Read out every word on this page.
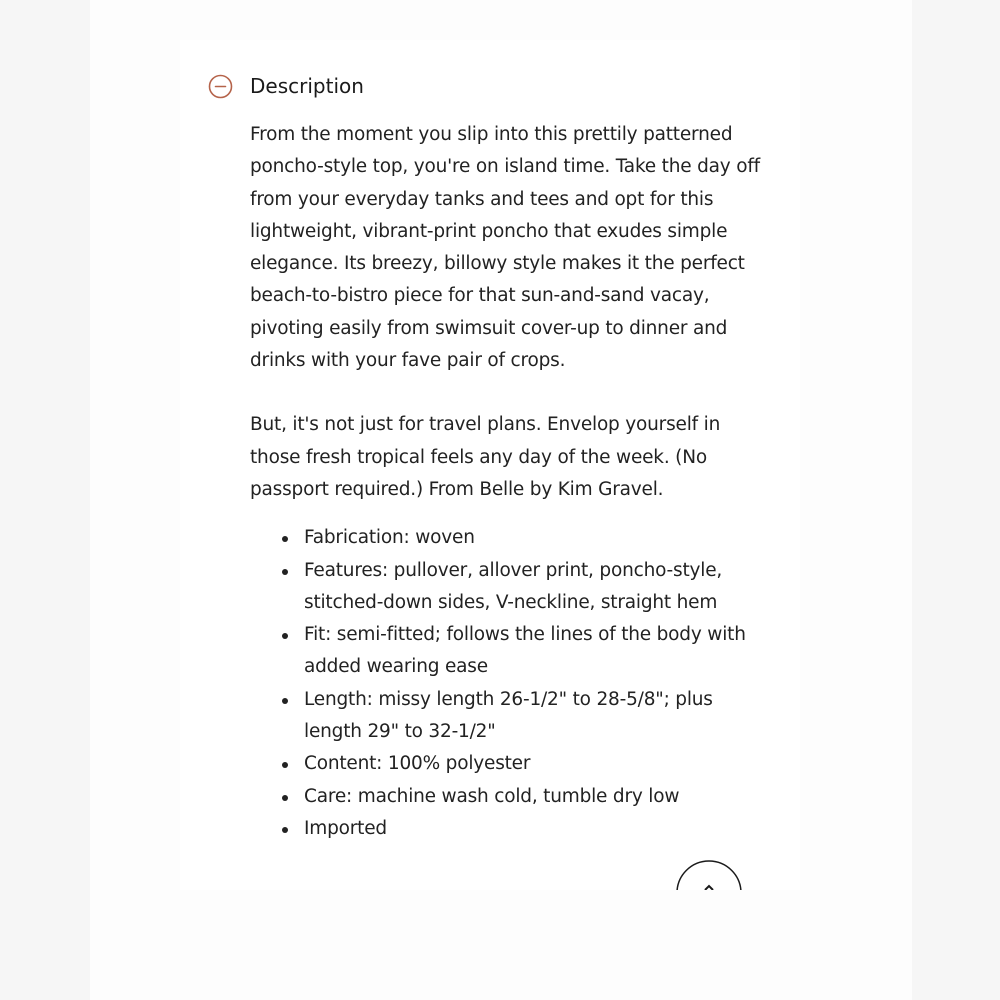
Description

From the moment you slip into this prettily patterned poncho-style top, you're on island time. Take the day off from your everyday tanks and tees and opt for this lightweight, vibrant-print poncho that exudes simple elegance. Its breezy, billowy style makes it the perfect beach-to-bistro piece for that sun-and-sand vacay, pivoting easily from swimsuit cover-up to dinner and drinks with your fave pair of crops.

But, it's not just for travel plans. Envelop yourself in those fresh tropical feels any day of the week. (No passport required.) From Belle by Kim Gravel.

Fabrication: woven
Features: pullover, allover print, poncho-style, stitched-down sides, V-neckline, straight hem
Fit: semi-fitted; follows the lines of the body with added wearing ease
Length: missy length 26-1/2" to 28-5/8"; plus length 29" to 32-1/2"
Content: 100% polyester
Care: machine wash cold, tumble dry low
Imported
